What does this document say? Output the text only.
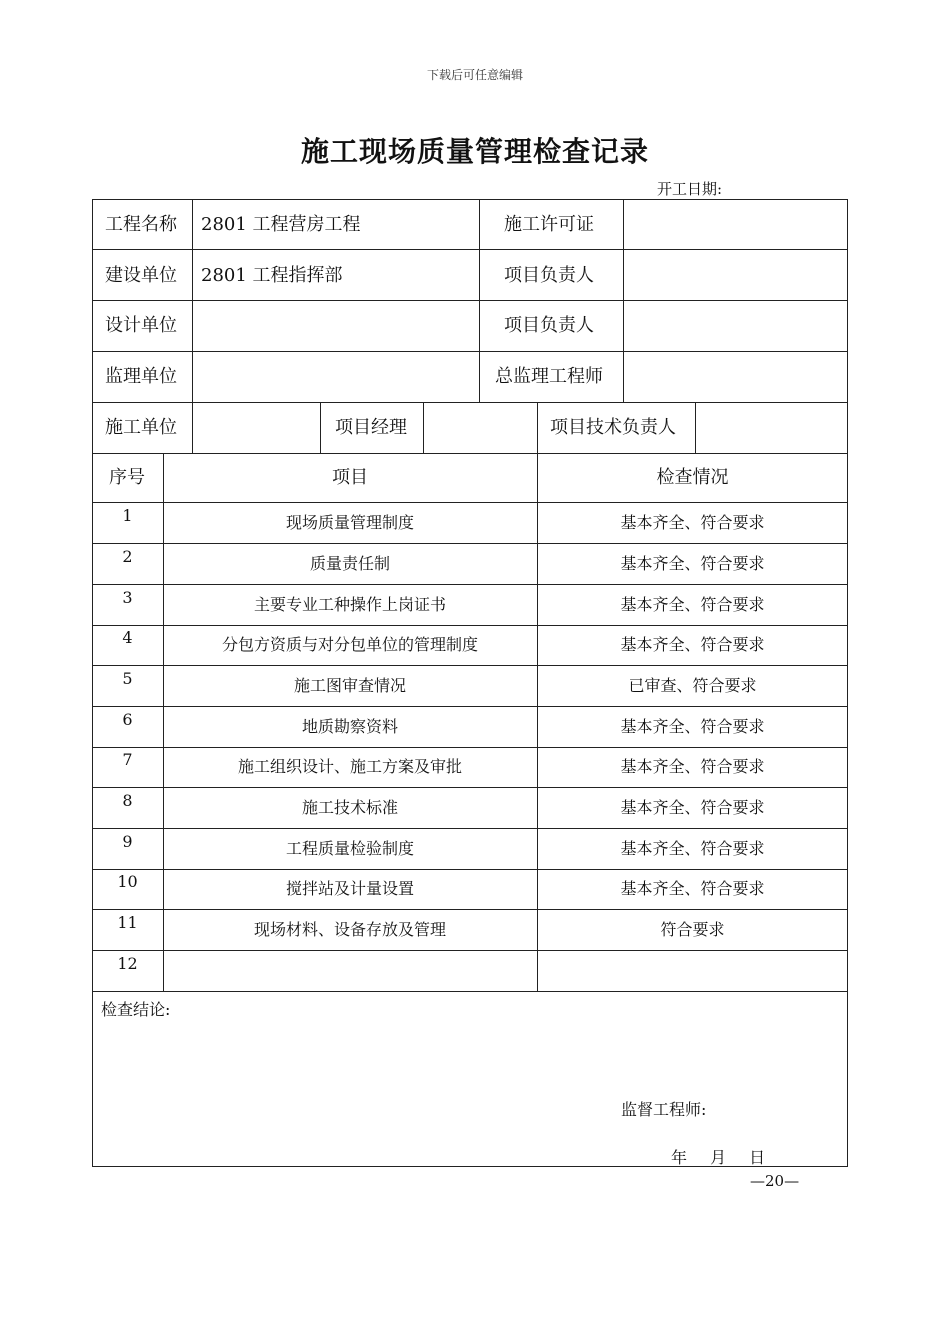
下载后可任意编辑
施工现场质量管理检查记录
开工日期:
工程名称 2801 工程营房工程	施工许可证
建设单位 2801 工程指挥部	项目负责人
设计单位	项目负责人
监理单位	总监理工程师
施工单位	项目经理	项目技术负责人
序号	项目	检查情况
1	现场质量管理制度	基本齐全、符合要求
2	质量责任制	基本齐全、符合要求
3	主要专业工种操作上岗证书	基本齐全、符合要求
4	分包方资质与对分包单位的管理制度	基本齐全、符合要求
5	施工图审查情况	已审查、符合要求
6	地质勘察资料	基本齐全、符合要求
7	施工组织设计、施工方案及审批	基本齐全、符合要求
8	施工技术标准	基本齐全、符合要求
9	工程质量检验制度	基本齐全、符合要求
10	搅拌站及计量设置	基本齐全、符合要求
11	现场材料、设备存放及管理	符合要求
12
检查结论:
监督工程师:
年 月 日
—20—
